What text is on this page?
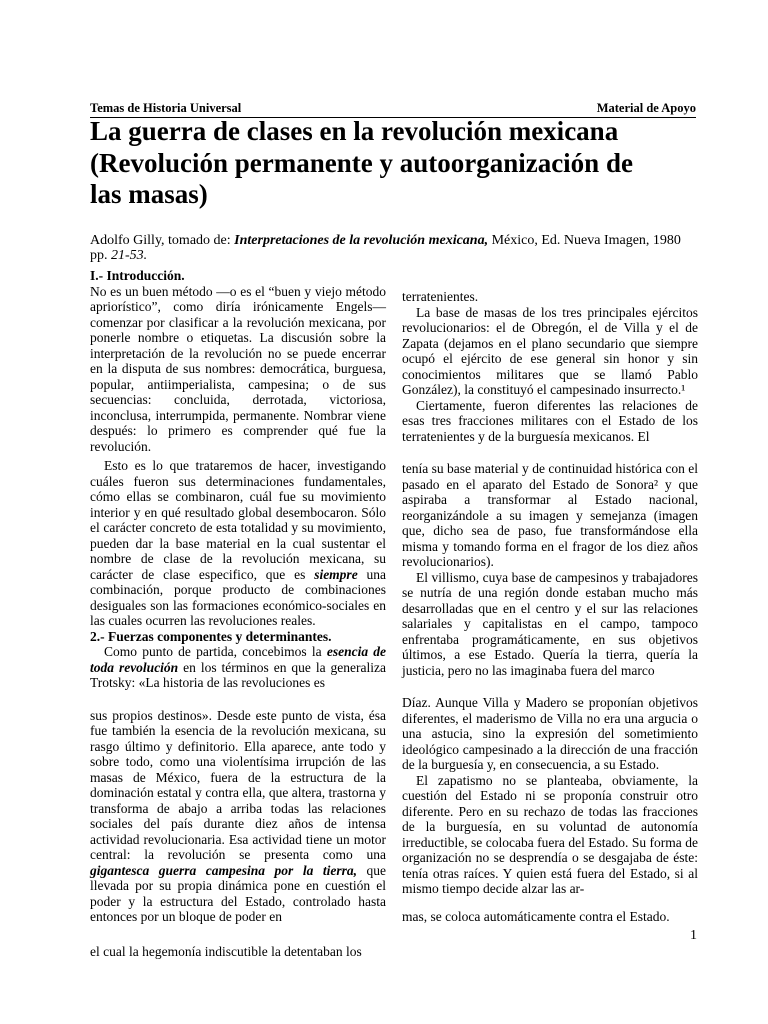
Temas de Historia Universal	Material de Apoyo
La guerra de clases en la revolución mexicana
(Revolución permanente y autoorganización de
las masas)
Adolfo Gilly, tomado de: Interpretaciones de la revolución mexicana, México, Ed. Nueva Imagen, 1980 pp. 21-53.
I.- Introducción.

No es un buen método —o es el “buen y viejo método apriorístico”, como diría irónicamente Engels— comenzar por clasificar a la revolución mexicana, por ponerle nombre o etiquetas. La discusión sobre la interpretación de la revolución no se puede encerrar en la disputa de sus nombres: democrática, burguesa, popular, antiimperialista, campesina; o de sus secuencias: concluida, derrotada, victoriosa, inconclusa, interrumpida, permanente. Nombrar viene después: lo primero es comprender qué fue la revolución.

Esto es lo que trataremos de hacer, investigando cuáles fueron sus determinaciones fundamentales, cómo ellas se combinaron, cuál fue su movimiento interior y en qué resultado global desembocaron. Sólo el carácter concreto de esta totalidad y su movimiento, pueden dar la base material en la cual sustentar el nombre de clase de la revolución mexicana, su carácter de clase especifico, que es siempre una combinación, porque producto de combinaciones desiguales son las formaciones económico-sociales en las cuales ocurren las revoluciones reales.

2.- Fuerzas componentes y determinantes.

Como punto de partida, concebimos la esencia de toda revolución en los términos en que la generaliza Trotsky: «La historia de las revoluciones es

sus propios destinos». Desde este punto de vista, ésa fue también la esencia de la revolución mexicana, su rasgo último y definitorio. Ella aparece, ante todo y sobre todo, como una violentísima irrupción de las masas de México, fuera de la estructura de la dominación estatal y contra ella, que altera, trastorna y transforma de abajo a arriba todas las relaciones sociales del país durante diez años de intensa actividad revolucionaria. Esa actividad tiene un motor central: la revolución se presenta como una gigantesca guerra campesina por la tierra, que llevada por su propia dinámica pone en cuestión el poder y la estructura del Estado, controlado hasta entonces por un bloque de poder en

el cual la hegemonía indiscutible la detentaban los

terratenientes.

La base de masas de los tres principales ejércitos revolucionarios: el de Obregón, el de Villa y el de Zapata (dejamos en el plano secundario que siempre ocupó el ejército de ese general sin honor y sin conocimientos militares que se llamó Pablo González), la constituyó el campesinado insurrecto.¹

Ciertamente, fueron diferentes las relaciones de esas tres fracciones militares con el Estado de los terratenientes y de la burguesía mexicanos. El

tenía su base material y de continuidad histórica con el pasado en el aparato del Estado de Sonora² y que aspiraba a transformar al Estado nacional, reorganizándole a su imagen y semejanza (imagen que, dicho sea de paso, fue transformándose ella misma y tomando forma en el fragor de los diez años revolucionarios).

El villismo, cuya base de campesinos y trabajadores se nutría de una región donde estaban mucho más desarrolladas que en el centro y el sur las relaciones salariales y capitalistas en el campo, tampoco enfrentaba programáticamente, en sus objetivos últimos, a ese Estado. Quería la tierra, quería la justicia, pero no las imaginaba fuera del marco

Díaz. Aunque Villa y Madero se proponían objetivos diferentes, el maderismo de Villa no era una argucia o una astucia, sino la expresión del sometimiento ideológico campesinado a la dirección de una fracción de la burguesía y, en consecuencia, a su Estado.

El zapatismo no se planteaba, obviamente, la cuestión del Estado ni se proponía construir otro diferente. Pero en su rechazo de todas las fracciones de la burguesía, en su voluntad de autonomía irreductible, se colocaba fuera del Estado. Su forma de organización no se desprendía o se desgajaba de éste: tenía otras raíces. Y quien está fuera del Estado, si al mismo tiempo decide alzar las ar-

mas, se coloca automáticamente contra el Estado.

1
